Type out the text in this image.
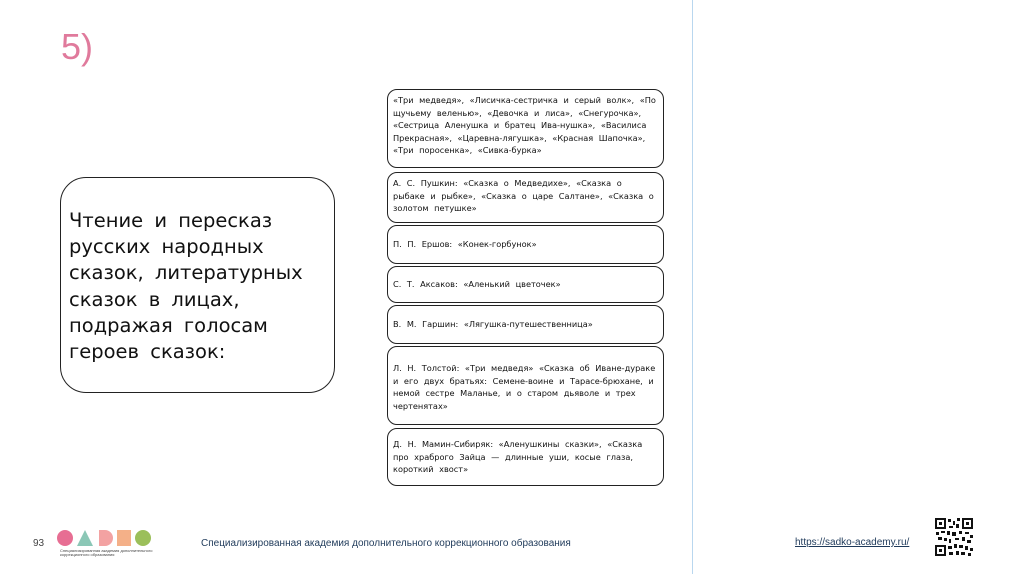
5)

Чтение и пересказ

русских народных

сказок, литературных

сказок в лицах,

подражая голосам

героев сказок:

«Три медведя», «Лисичка-сестричка и серый волк», «По щучьему веленью», «Девочка и лиса», «Снегурочка», «Сестрица Аленушка и братец Ива-нушка», «Василиса Прекрасная», «Царевна-лягушка», «Красная Шапочка», «Три поросенка», «Сивка-бурка»
А. С. Пушкин: «Сказка о Медведихе», «Сказка о рыбаке и рыбке», «Сказка о царе Салтане», «Сказка о золотом петушке»
П. П. Ершов: «Конек-горбунок»
С. Т. Аксаков: «Аленький цветочек»
В. М. Гаршин: «Лягушка-путешественница»
Л. Н. Толстой: «Три медведя» «Сказка об Иване-дураке и его двух братьях: Семене-воине и Тарасе-брюхане, и немой сестре Маланье, и о старом дьяволе и трех чертенятах»
Д. Н. Мамин-Сибиряк: «Аленушкины сказки», «Сказка про храброго Зайца — длинные уши, косые глаза, короткий хвост»
93
Специализированная академия дополнительного коррекционного образования
Специализированная академия дополнительного коррекционного образования	https://sadko-academy.ru/
